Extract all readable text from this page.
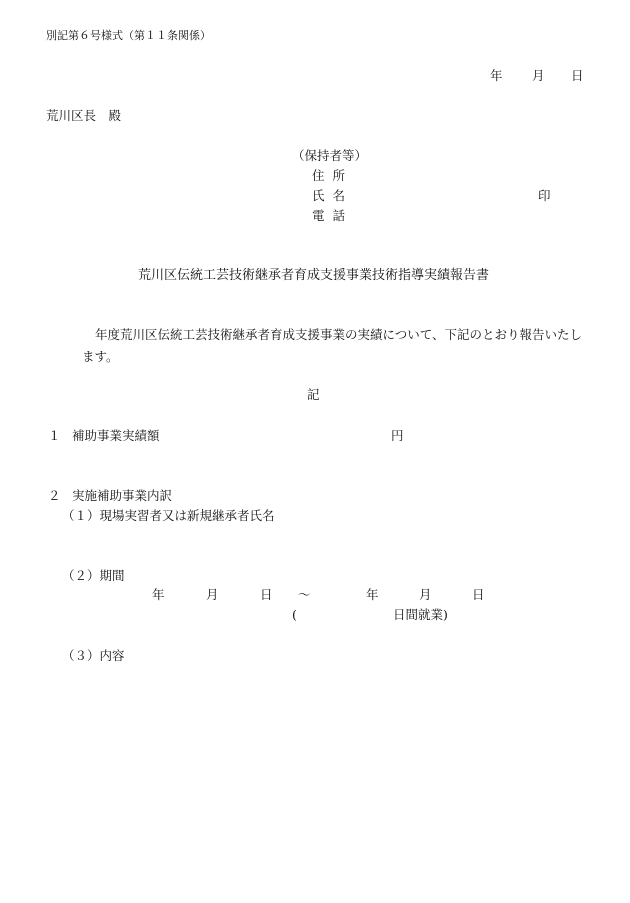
別記第６号様式（第１１条関係）
年 月 日
荒川区長　殿
（保持者等）
住所
氏名	印
電話
荒川区伝統工芸技術継承者育成支援事業技術指導実績報告書

年度荒川区伝統工芸技術継承者育成支援事業の実績について、下記のとおり報告いたします。

記
１ 補助事業実績額	円
２ 実施補助事業内訳
（１）現場実習者又は新規継承者氏名
（２）期間
年	月	日 ～	年	月	日
(	日間就業)
（３）内容
